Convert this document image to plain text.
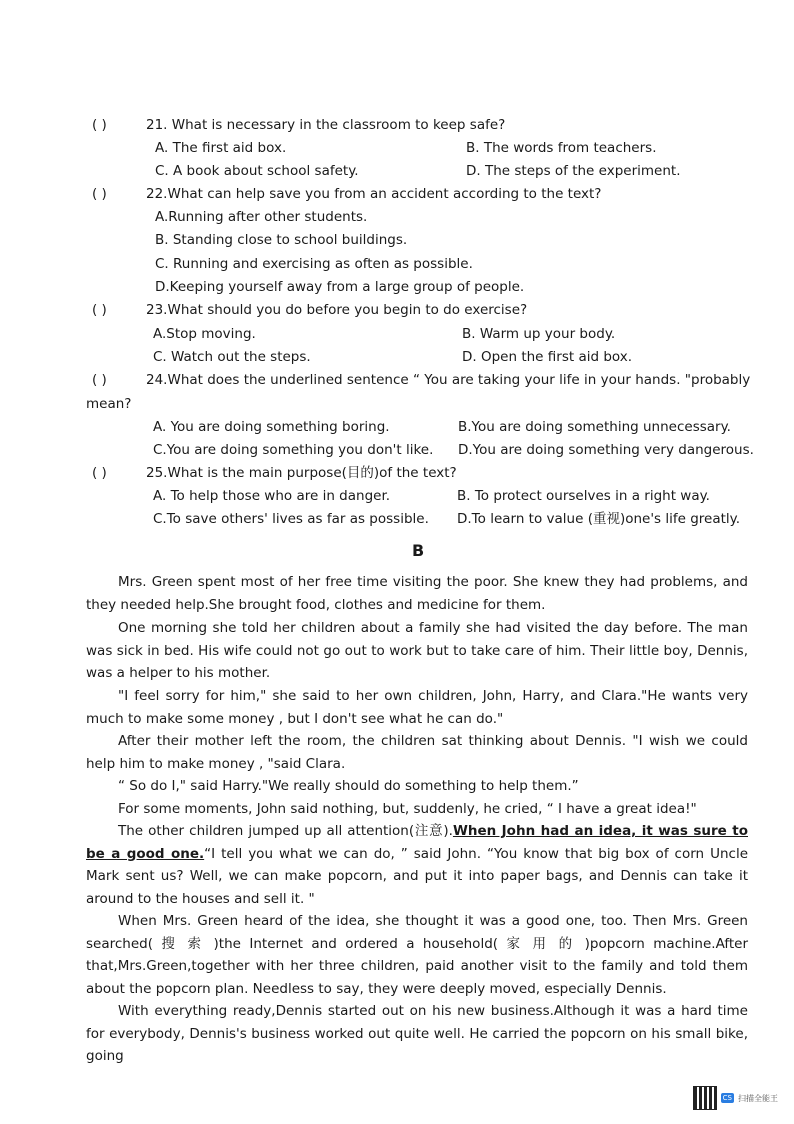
( )	21. What is necessary in the classroom to keep safe?
A. The first aid box.	B. The words from teachers.
C. A book about school safety.	D. The steps of the experiment.
( )	22.What can help save you from an accident according to the text?
A.Running after other students.
B. Standing close to school buildings.
C. Running and exercising as often as possible.
D.Keeping yourself away from a large group of people.
( )	23.What should you do before you begin to do exercise?
A.Stop moving.	B. Warm up your body.
C. Watch out the steps.	D. Open the first aid box.
( )	24.What does the underlined sentence “ You are taking your life in your hands. "probably
mean?
A. You are doing something boring.	B.You are doing something unnecessary.
C.You are doing something you don't like. D.You are doing something very dangerous.
( )	25.What is the main purpose(目的)of the text?
A. To help those who are in danger.	B. To protect ourselves in a right way.
C.To save others' lives as far as possible. D.To learn to value (重视)one's life greatly.
B
Mrs. Green spent most of her free time visiting the poor. She knew they had problems, and they needed help.She brought food, clothes and medicine for them.
One morning she told her children about a family she had visited the day before. The man was sick in bed. His wife could not go out to work but to take care of him. Their little boy, Dennis, was a helper to his mother.
"I feel sorry for him," she said to her own children, John, Harry, and Clara."He wants very much to make some money , but I don't see what he can do."
After their mother left the room, the children sat thinking about Dennis. "I wish we could help him to make money , "said Clara.
“ So do I," said Harry."We really should do something to help them.”
For some moments, John said nothing, but, suddenly, he cried, “ I have a great idea!"
The other children jumped up all attention(注意).When John had an idea, it was sure to be a good one.“I tell you what we can do, ” said John. “You know that big box of corn Uncle Mark sent us? Well, we can make popcorn, and put it into paper bags, and Dennis can take it around to the houses and sell it. "
When Mrs. Green heard of the idea, she thought it was a good one, too. Then Mrs. Green searched( 搜 索 )the Internet and ordered a household( 家 用 的 )popcorn machine.After that,Mrs.Green,together with her three children, paid another visit to the family and told them about the popcorn plan. Needless to say, they were deeply moved, especially Dennis.
With everything ready,Dennis started out on his new business.Although it was a hard time for everybody, Dennis's business worked out quite well. He carried the popcorn on his small bike, going
CS 扫描全能王
